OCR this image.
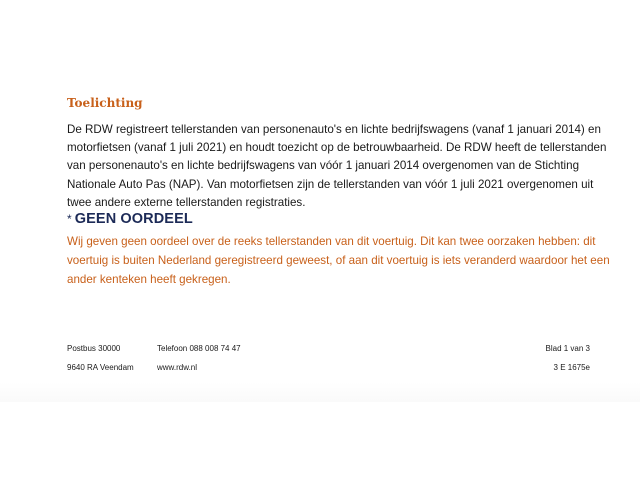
Toelichting
De RDW registreert tellerstanden van personenauto's en lichte bedrijfswagens (vanaf 1 januari 2014) en
motorfietsen (vanaf 1 juli 2021) en houdt toezicht op de betrouwbaarheid. De RDW heeft de tellerstanden
van personenauto's en lichte bedrijfswagens van vóór 1 januari 2014 overgenomen van de Stichting
Nationale Auto Pas (NAP). Van motorfietsen zijn de tellerstanden van vóór 1 juli 2021 overgenomen uit
twee andere externe tellerstanden registraties.
* GEEN OORDEEL
Wij geven geen oordeel over de reeks tellerstanden van dit voertuig. Dit kan twee oorzaken hebben: dit
voertuig is buiten Nederland geregistreerd geweest, of aan dit voertuig is iets veranderd waardoor het een
ander kenteken heeft gekregen.
Postbus 30000
9640 RA Veendam
Telefoon 088 008 74 47
www.rdw.nl
Blad 1 van 3
3 E 1675e
